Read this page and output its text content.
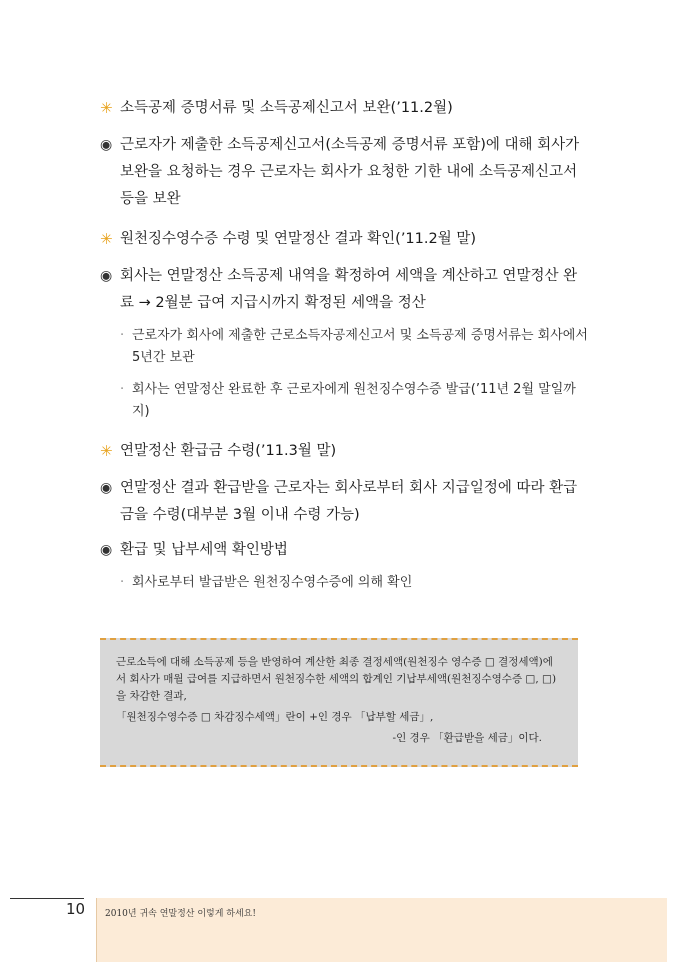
✳ 소득공제 증명서류 및 소득공제신고서 보완(’11.2월)
◉ 근로자가 제출한 소득공제신고서(소득공제 증명서류 포함)에 대해 회사가 보완을 요청하는 경우 근로자는 회사가 요청한 기한 내에 소득공제신고서 등을 보완
✳ 원천징수영수증 수령 및 연말정산 결과 확인(’11.2월 말)
◉ 회사는 연말정산 소득공제 내역을 확정하여 세액을 계산하고 연말정산 완료 → 2월분 급여 지급시까지 확정된 세액을 정산
· 근로자가 회사에 제출한 근로소득자공제신고서 및 소득공제 증명서류는 회사에서 5년간 보관
· 회사는 연말정산 완료한 후 근로자에게 원천징수영수증 발급(’11년 2월 말일까지)
✳ 연말정산 환급금 수령(’11.3월 말)
◉ 연말정산 결과 환급받을 근로자는 회사로부터 회사 지급일정에 따라 환급금을 수령(대부분 3월 이내 수령 가능)
◉ 환급 및 납부세액 확인방법
· 회사로부터 발급받은 원천징수영수증에 의해 확인

근로소득에 대해 소득공제 등을 반영하여 계산한 최종 결정세액(원천징수 영수증 □ 결정세액)에서 회사가 매월 급여를 지급하면서 원천징수한 세액의 합계인 기납부세액(원천징수영수증 □, □)을 차감한 결과,

「원천징수영수증 □ 차감징수세액」란이 +인 경우 「납부할 세금」,

-인 경우 「환급받을 세금」이다.

10 2010년 귀속 연말정산 이렇게 하세요!
